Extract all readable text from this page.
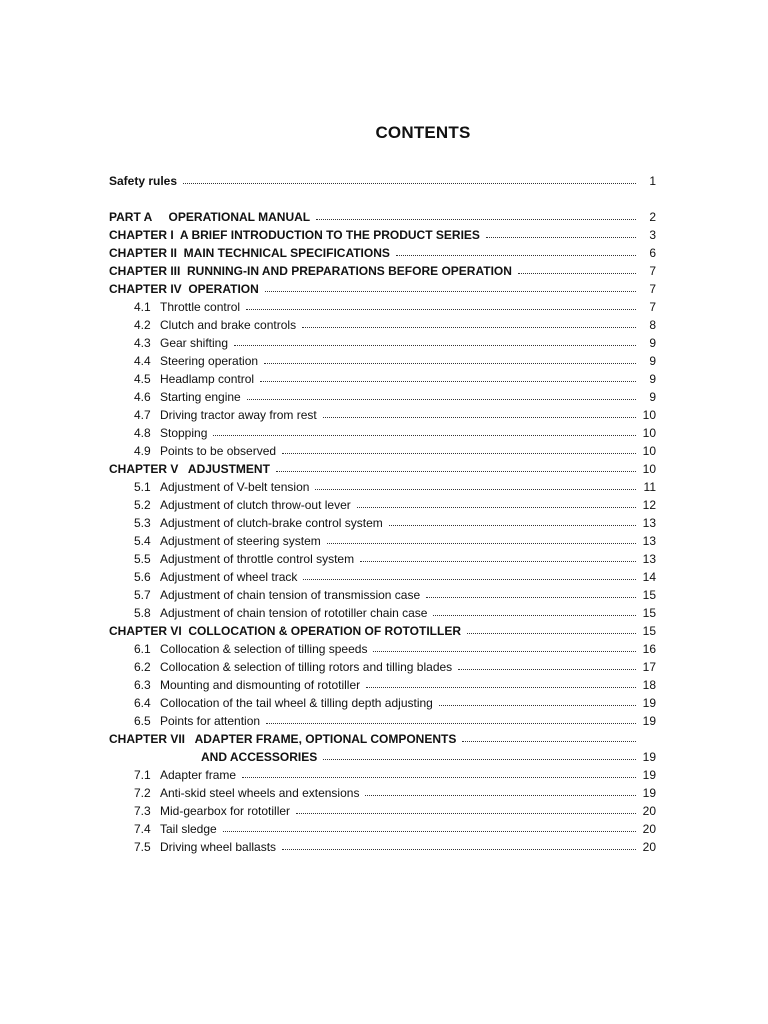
CONTENTS
Safety rules	1
PART A     OPERATIONAL MANUAL	2
CHAPTER I  A BRIEF INTRODUCTION TO THE PRODUCT SERIES	3
CHAPTER II  MAIN TECHNICAL SPECIFICATIONS	6
CHAPTER III  RUNNING-IN AND PREPARATIONS BEFORE OPERATION	7
CHAPTER IV  OPERATION	7
4.1 Throttle control	7
4.2 Clutch and brake controls	8
4.3 Gear shifting	9
4.4 Steering operation	9
4.5 Headlamp control	9
4.6 Starting engine	9
4.7 Driving tractor away from rest	10
4.8 Stopping	10
4.9 Points to be observed	10
CHAPTER V   ADJUSTMENT	10
5.1 Adjustment of V-belt tension	11
5.2 Adjustment of clutch throw-out lever	12
5.3 Adjustment of clutch-brake control system	13
5.4 Adjustment of steering system	13
5.5 Adjustment of throttle control system	13
5.6 Adjustment of wheel track	14
5.7 Adjustment of chain tension of transmission case	15
5.8 Adjustment of chain tension of rototiller chain case	15
CHAPTER VI  COLLOCATION & OPERATION OF ROTOTILLER	15
6.1 Collocation & selection of tilling speeds	16
6.2 Collocation & selection of tilling rotors and tilling blades	17
6.3 Mounting and dismounting of rototiller	18
6.4 Collocation of the tail wheel & tilling depth adjusting	19
6.5 Points for attention	19
CHAPTER VII   ADAPTER FRAME, OPTIONAL COMPONENTS
AND ACCESSORIES	19
7.1 Adapter frame	19
7.2 Anti-skid steel wheels and extensions	19
7.3 Mid-gearbox for rototiller	20
7.4 Tail sledge	20
7.5 Driving wheel ballasts	20
